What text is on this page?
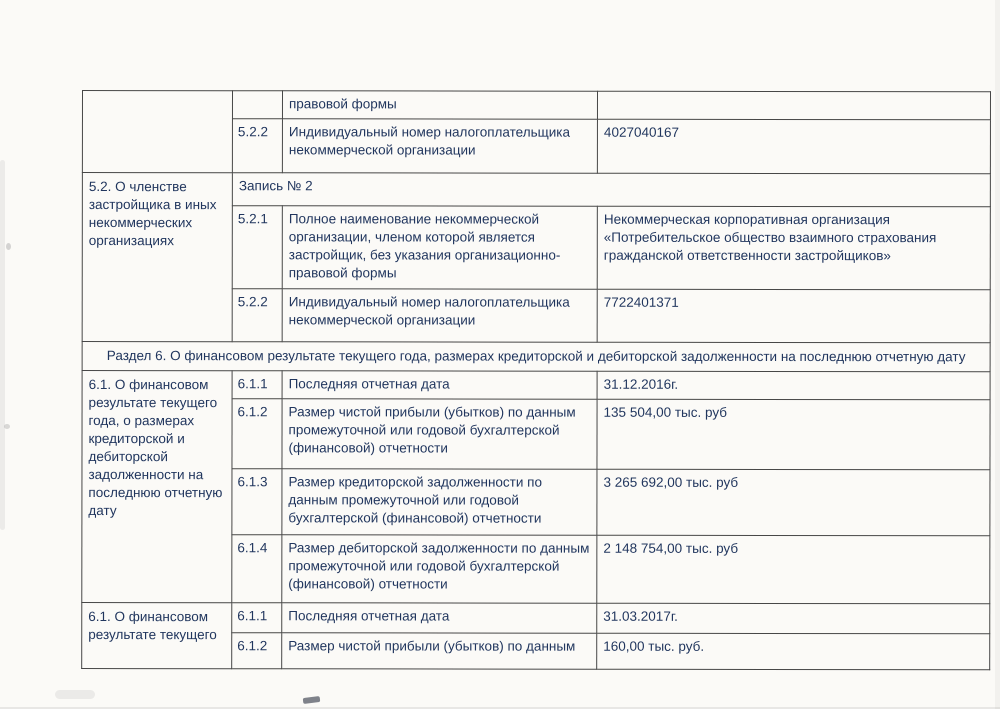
		правовой формы	
	5.2.2	Индивидуальный номер налогоплательщика некоммерческой организации	4027040167
5.2. О членстве застройщика в иных некоммерческих организациях	Запись № 2		
	5.2.1	Полное наименование некоммерческой организации, членом которой является застройщик, без указания организационно-правовой формы	Некоммерческая корпоративная организация «Потребительское общество взаимного страхования гражданской ответственности застройщиков»
	5.2.2	Индивидуальный номер налогоплательщика некоммерческой организации	7722401371
Раздел 6. О финансовом результате текущего года, размерах кредиторской и дебиторской задолженности на последнюю отчетную дату			
6.1. О финансовом результате текущего года, о размерах кредиторской и дебиторской задолженности на последнюю отчетную дату	6.1.1	Последняя отчетная дата	31.12.2016г.
	6.1.2	Размер чистой прибыли (убытков) по данным промежуточной или годовой бухгалтерской (финансовой) отчетности	135 504,00 тыс. руб
	6.1.3	Размер кредиторской задолженности по данным промежуточной или годовой бухгалтерской (финансовой) отчетности	3 265 692,00 тыс. руб
	6.1.4	Размер дебиторской задолженности по данным промежуточной или годовой бухгалтерской (финансовой) отчетности	2 148 754,00 тыс. руб
6.1. О финансовом результате текущего	6.1.1	Последняя отчетная дата	31.03.2017г.
	6.1.2	Размер чистой прибыли (убытков) по данным	160,00 тыс. руб.
